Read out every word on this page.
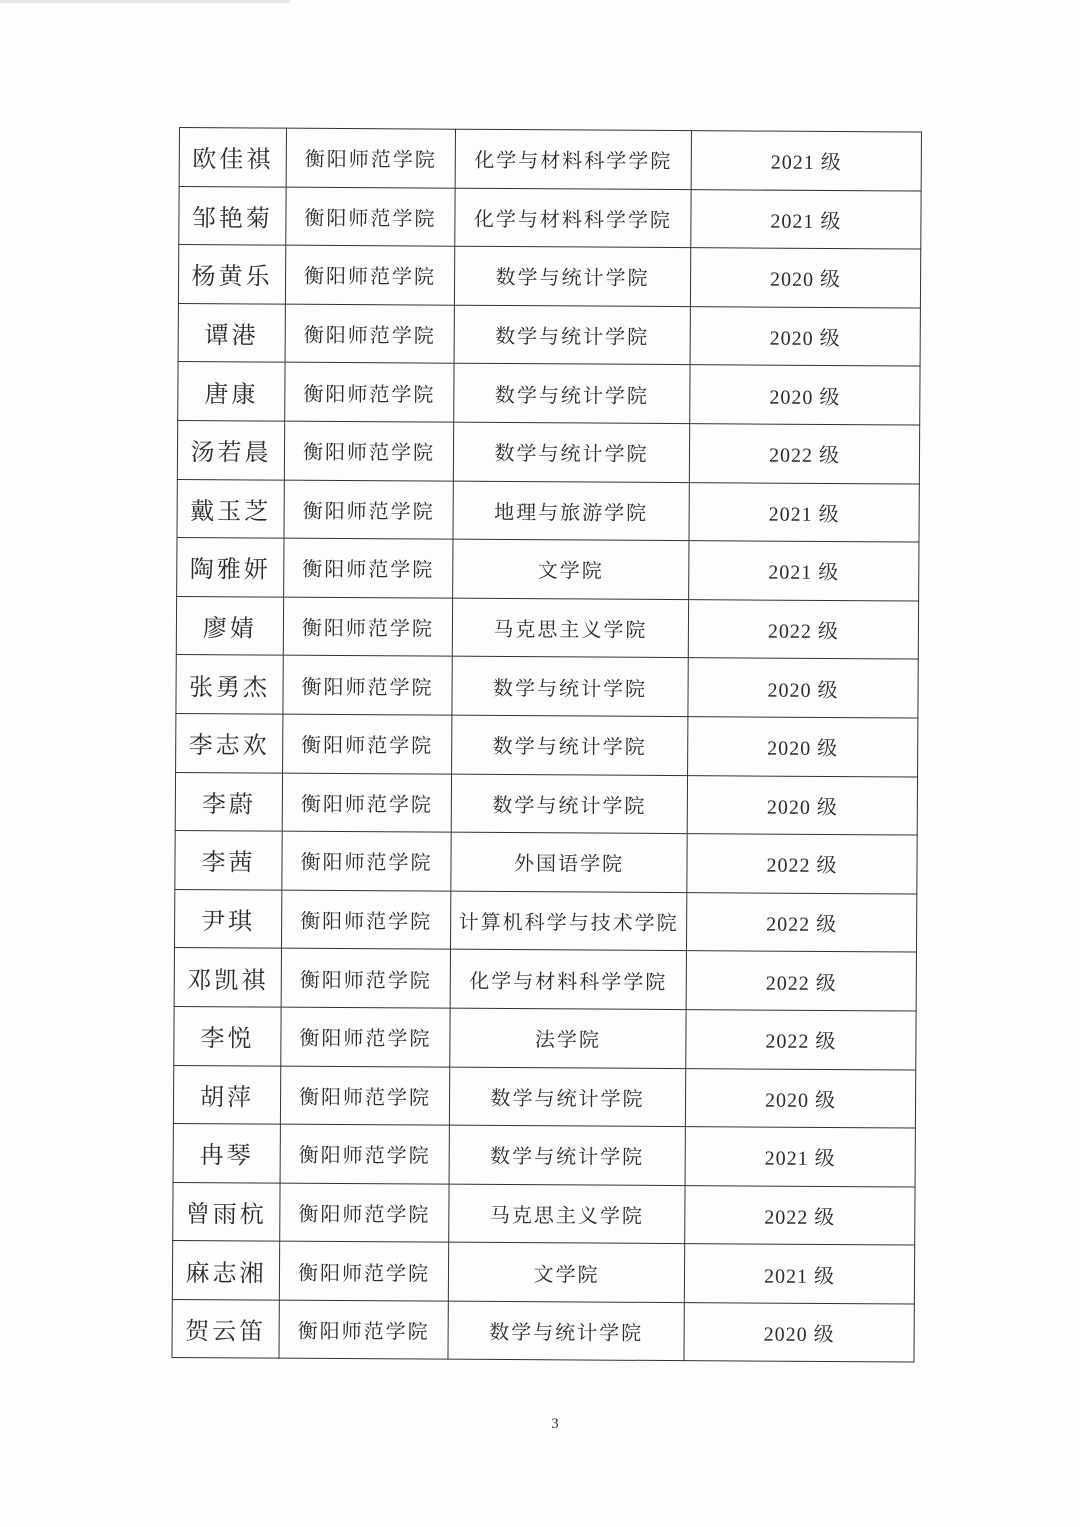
欧佳祺	衡阳师范学院	化学与材料科学学院	2021 级
邹艳菊	衡阳师范学院	化学与材料科学学院	2021 级
杨黄乐	衡阳师范学院	数学与统计学院	2020 级
谭港	衡阳师范学院	数学与统计学院	2020 级
唐康	衡阳师范学院	数学与统计学院	2020 级
汤若晨	衡阳师范学院	数学与统计学院	2022 级
戴玉芝	衡阳师范学院	地理与旅游学院	2021 级
陶雅妍	衡阳师范学院	文学院	2021 级
廖婧	衡阳师范学院	马克思主义学院	2022 级
张勇杰	衡阳师范学院	数学与统计学院	2020 级
李志欢	衡阳师范学院	数学与统计学院	2020 级
李蔚	衡阳师范学院	数学与统计学院	2020 级
李茜	衡阳师范学院	外国语学院	2022 级
尹琪	衡阳师范学院	计算机科学与技术学院	2022 级
邓凯祺	衡阳师范学院	化学与材料科学学院	2022 级
李悦	衡阳师范学院	法学院	2022 级
胡萍	衡阳师范学院	数学与统计学院	2020 级
冉琴	衡阳师范学院	数学与统计学院	2021 级
曾雨杭	衡阳师范学院	马克思主义学院	2022 级
麻志湘	衡阳师范学院	文学院	2021 级
贺云笛	衡阳师范学院	数学与统计学院	2020 级
3
